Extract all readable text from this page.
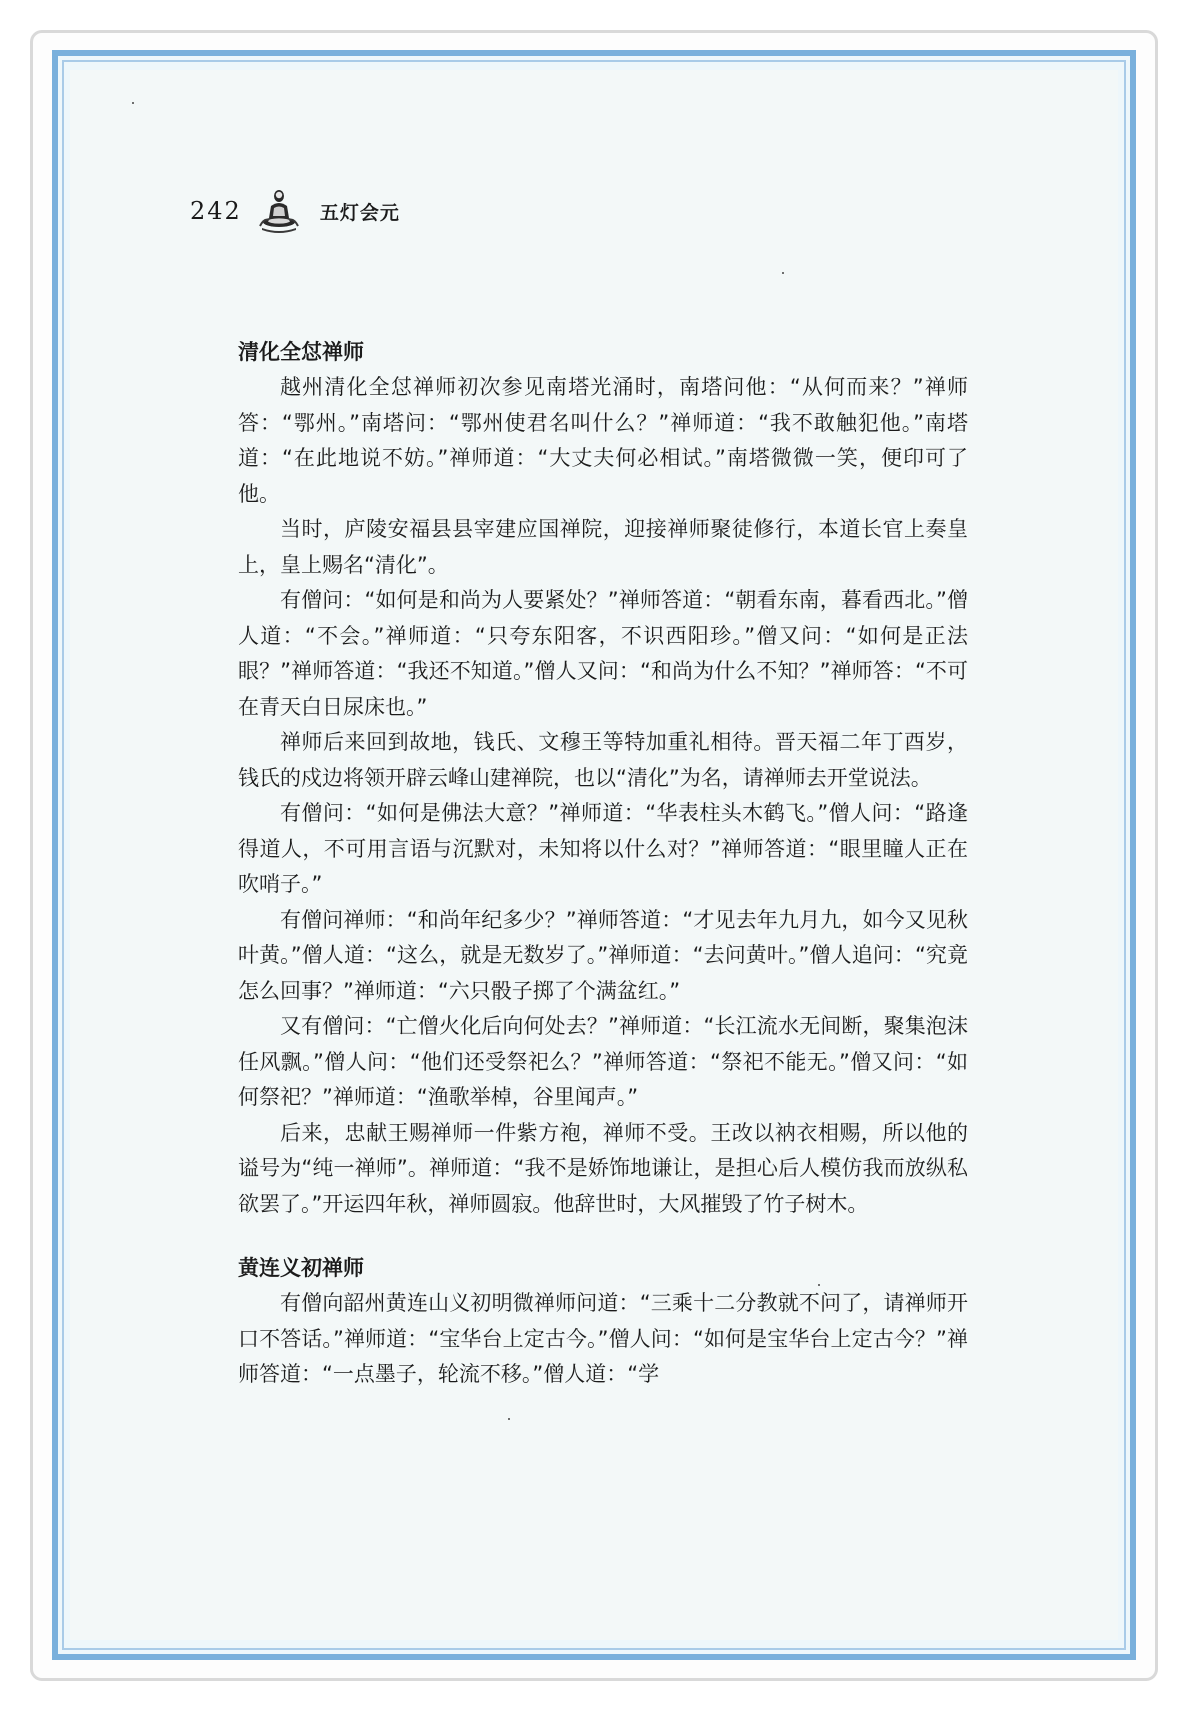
242	五灯会元
清化全怤禅师

越州清化全怤禅师初次参见南塔光涌时，南塔问他：“从何而来？”禅师答：“鄂州。”南塔问：“鄂州使君名叫什么？”禅师道：“我不敢触犯他。”南塔道：“在此地说不妨。”禅师道：“大丈夫何必相试。”南塔微微一笑，便印可了他。

当时，庐陵安福县县宰建应国禅院，迎接禅师聚徒修行，本道长官上奏皇上，皇上赐名“清化”。

有僧问：“如何是和尚为人要紧处？”禅师答道：“朝看东南，暮看西北。”僧人道：“不会。”禅师道：“只夸东阳客，不识西阳珍。”僧又问：“如何是正法眼？”禅师答道：“我还不知道。”僧人又问：“和尚为什么不知？”禅师答：“不可在青天白日尿床也。”

禅师后来回到故地，钱氏、文穆王等特加重礼相待。晋天福二年丁酉岁，钱氏的戍边将领开辟云峰山建禅院，也以“清化”为名，请禅师去开堂说法。

有僧问：“如何是佛法大意？”禅师道：“华表柱头木鹤飞。”僧人问：“路逢得道人，不可用言语与沉默对，未知将以什么对？”禅师答道：“眼里瞳人正在吹哨子。”

有僧问禅师：“和尚年纪多少？”禅师答道：“才见去年九月九，如今又见秋叶黄。”僧人道：“这么，就是无数岁了。”禅师道：“去问黄叶。”僧人追问：“究竟怎么回事？”禅师道：“六只骰子掷了个满盆红。”

又有僧问：“亡僧火化后向何处去？”禅师道：“长江流水无间断，聚集泡沫任风飘。”僧人问：“他们还受祭祀么？”禅师答道：“祭祀不能无。”僧又问：“如何祭祀？”禅师道：“渔歌举棹，谷里闻声。”

后来，忠献王赐禅师一件紫方袍，禅师不受。王改以衲衣相赐，所以他的谥号为“纯一禅师”。禅师道：“我不是娇饰地谦让，是担心后人模仿我而放纵私欲罢了。”开运四年秋，禅师圆寂。他辞世时，大风摧毁了竹子树木。

黄连义初禅师

有僧向韶州黄连山义初明微禅师问道：“三乘十二分教就不问了，请禅师开口不答话。”禅师道：“宝华台上定古今。”僧人问：“如何是宝华台上定古今？”禅师答道：“一点墨子，轮流不移。”僧人道：“学
